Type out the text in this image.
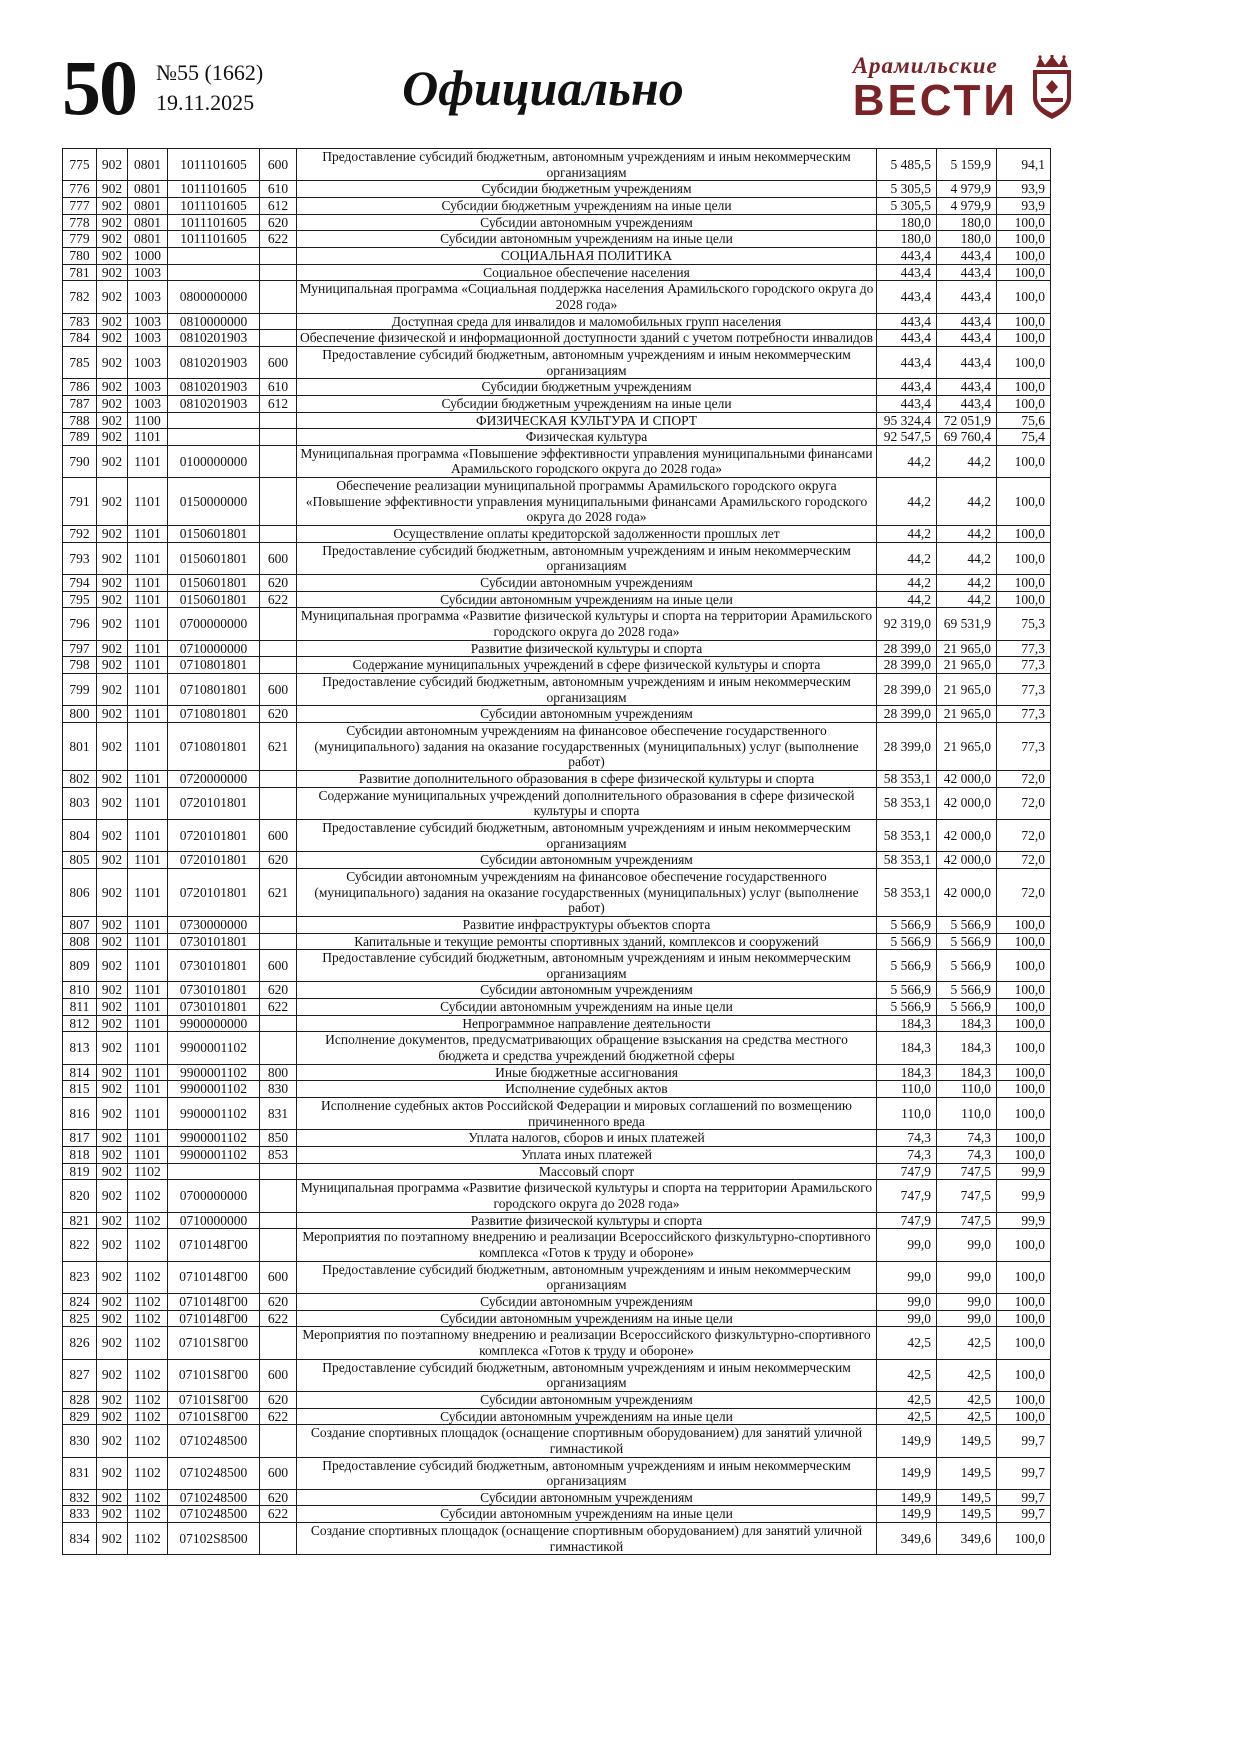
50 №55 (1662)
19.11.2025	Официально	Арамильские
ВЕСТИ
775	902	0801	1011101605	600	Предоставление субсидий бюджетным, автономным учреждениям и иным некоммерческим организациям	5 485,5	5 159,9	94,1
776	902	0801	1011101605	610	Субсидии бюджетным учреждениям	5 305,5	4 979,9	93,9
777	902	0801	1011101605	612	Субсидии бюджетным учреждениям на иные цели	5 305,5	4 979,9	93,9
778	902	0801	1011101605	620	Субсидии автономным учреждениям	180,0	180,0	100,0
779	902	0801	1011101605	622	Субсидии автономным учреждениям на иные цели	180,0	180,0	100,0
780	902	1000			СОЦИАЛЬНАЯ ПОЛИТИКА	443,4	443,4	100,0
781	902	1003			Социальное обеспечение населения	443,4	443,4	100,0
782	902	1003	0800000000		Муниципальная программа «Социальная поддержка населения Арамильского городского округа до 2028 года»	443,4	443,4	100,0
783	902	1003	0810000000		Доступная среда для инвалидов и маломобильных групп населения	443,4	443,4	100,0
784	902	1003	0810201903		Обеспечение физической и информационной доступности зданий с учетом потребности инвалидов	443,4	443,4	100,0
785	902	1003	0810201903	600	Предоставление субсидий бюджетным, автономным учреждениям и иным некоммерческим организациям	443,4	443,4	100,0
786	902	1003	0810201903	610	Субсидии бюджетным учреждениям	443,4	443,4	100,0
787	902	1003	0810201903	612	Субсидии бюджетным учреждениям на иные цели	443,4	443,4	100,0
788	902	1100			ФИЗИЧЕСКАЯ КУЛЬТУРА И СПОРТ	95 324,4	72 051,9	75,6
789	902	1101			Физическая культура	92 547,5	69 760,4	75,4
790	902	1101	0100000000		Муниципальная программа «Повышение эффективности управления муниципальными финансами Арамильского городского округа до 2028 года»	44,2	44,2	100,0
791	902	1101	0150000000		Обеспечение реализации муниципальной программы Арамильского городского округа «Повышение эффективности управления муниципальными финансами Арамильского городского округа до 2028 года»	44,2	44,2	100,0
792	902	1101	0150601801		Осуществление оплаты кредиторской задолженности прошлых лет	44,2	44,2	100,0
793	902	1101	0150601801	600	Предоставление субсидий бюджетным, автономным учреждениям и иным некоммерческим организациям	44,2	44,2	100,0
794	902	1101	0150601801	620	Субсидии автономным учреждениям	44,2	44,2	100,0
795	902	1101	0150601801	622	Субсидии автономным учреждениям на иные цели	44,2	44,2	100,0
796	902	1101	0700000000		Муниципальная программа «Развитие физической культуры и спорта на территории Арамильского городского округа до 2028 года»	92 319,0	69 531,9	75,3
797	902	1101	0710000000		Развитие физической культуры и спорта	28 399,0	21 965,0	77,3
798	902	1101	0710801801		Содержание муниципальных учреждений в сфере физической культуры и спорта	28 399,0	21 965,0	77,3
799	902	1101	0710801801	600	Предоставление субсидий бюджетным, автономным учреждениям и иным некоммерческим организациям	28 399,0	21 965,0	77,3
800	902	1101	0710801801	620	Субсидии автономным учреждениям	28 399,0	21 965,0	77,3
801	902	1101	0710801801	621	Субсидии автономным учреждениям на финансовое обеспечение государственного (муниципального) задания на оказание государственных (муниципальных) услуг (выполнение работ)	28 399,0	21 965,0	77,3
802	902	1101	0720000000		Развитие дополнительного образования в сфере физической культуры и спорта	58 353,1	42 000,0	72,0
803	902	1101	0720101801		Содержание муниципальных учреждений дополнительного образования в сфере физической культуры и спорта	58 353,1	42 000,0	72,0
804	902	1101	0720101801	600	Предоставление субсидий бюджетным, автономным учреждениям и иным некоммерческим организациям	58 353,1	42 000,0	72,0
805	902	1101	0720101801	620	Субсидии автономным учреждениям	58 353,1	42 000,0	72,0
806	902	1101	0720101801	621	Субсидии автономным учреждениям на финансовое обеспечение государственного (муниципального) задания на оказание государственных (муниципальных) услуг (выполнение работ)	58 353,1	42 000,0	72,0
807	902	1101	0730000000		Развитие инфраструктуры объектов спорта	5 566,9	5 566,9	100,0
808	902	1101	0730101801		Капитальные и текущие ремонты спортивных зданий, комплексов и сооружений	5 566,9	5 566,9	100,0
809	902	1101	0730101801	600	Предоставление субсидий бюджетным, автономным учреждениям и иным некоммерческим организациям	5 566,9	5 566,9	100,0
810	902	1101	0730101801	620	Субсидии автономным учреждениям	5 566,9	5 566,9	100,0
811	902	1101	0730101801	622	Субсидии автономным учреждениям на иные цели	5 566,9	5 566,9	100,0
812	902	1101	9900000000		Непрограммное направление деятельности	184,3	184,3	100,0
813	902	1101	9900001102		Исполнение документов, предусматривающих обращение взыскания на средства местного бюджета и средства учреждений бюджетной сферы	184,3	184,3	100,0
814	902	1101	9900001102	800	Иные бюджетные ассигнования	184,3	184,3	100,0
815	902	1101	9900001102	830	Исполнение судебных актов	110,0	110,0	100,0
816	902	1101	9900001102	831	Исполнение судебных актов Российской Федерации и мировых соглашений по возмещению причиненного вреда	110,0	110,0	100,0
817	902	1101	9900001102	850	Уплата налогов, сборов и иных платежей	74,3	74,3	100,0
818	902	1101	9900001102	853	Уплата иных платежей	74,3	74,3	100,0
819	902	1102			Массовый спорт	747,9	747,5	99,9
820	902	1102	0700000000		Муниципальная программа «Развитие физической культуры и спорта на территории Арамильского городского округа до 2028 года»	747,9	747,5	99,9
821	902	1102	0710000000		Развитие физической культуры и спорта	747,9	747,5	99,9
822	902	1102	0710148Г00		Мероприятия по поэтапному внедрению и реализации Всероссийского физкультурно-спортивного комплекса «Готов к труду и обороне»	99,0	99,0	100,0
823	902	1102	0710148Г00	600	Предоставление субсидий бюджетным, автономным учреждениям и иным некоммерческим организациям	99,0	99,0	100,0
824	902	1102	0710148Г00	620	Субсидии автономным учреждениям	99,0	99,0	100,0
825	902	1102	0710148Г00	622	Субсидии автономным учреждениям на иные цели	99,0	99,0	100,0
826	902	1102	07101S8Г00		Мероприятия по поэтапному внедрению и реализации Всероссийского физкультурно-спортивного комплекса «Готов к труду и обороне»	42,5	42,5	100,0
827	902	1102	07101S8Г00	600	Предоставление субсидий бюджетным, автономным учреждениям и иным некоммерческим организациям	42,5	42,5	100,0
828	902	1102	07101S8Г00	620	Субсидии автономным учреждениям	42,5	42,5	100,0
829	902	1102	07101S8Г00	622	Субсидии автономным учреждениям на иные цели	42,5	42,5	100,0
830	902	1102	0710248500		Создание спортивных площадок (оснащение спортивным оборудованием) для занятий уличной гимнастикой	149,9	149,5	99,7
831	902	1102	0710248500	600	Предоставление субсидий бюджетным, автономным учреждениям и иным некоммерческим организациям	149,9	149,5	99,7
832	902	1102	0710248500	620	Субсидии автономным учреждениям	149,9	149,5	99,7
833	902	1102	0710248500	622	Субсидии автономным учреждениям на иные цели	149,9	149,5	99,7
834	902	1102	07102S8500		Создание спортивных площадок (оснащение спортивным оборудованием) для занятий уличной гимнастикой	349,6	349,6	100,0
